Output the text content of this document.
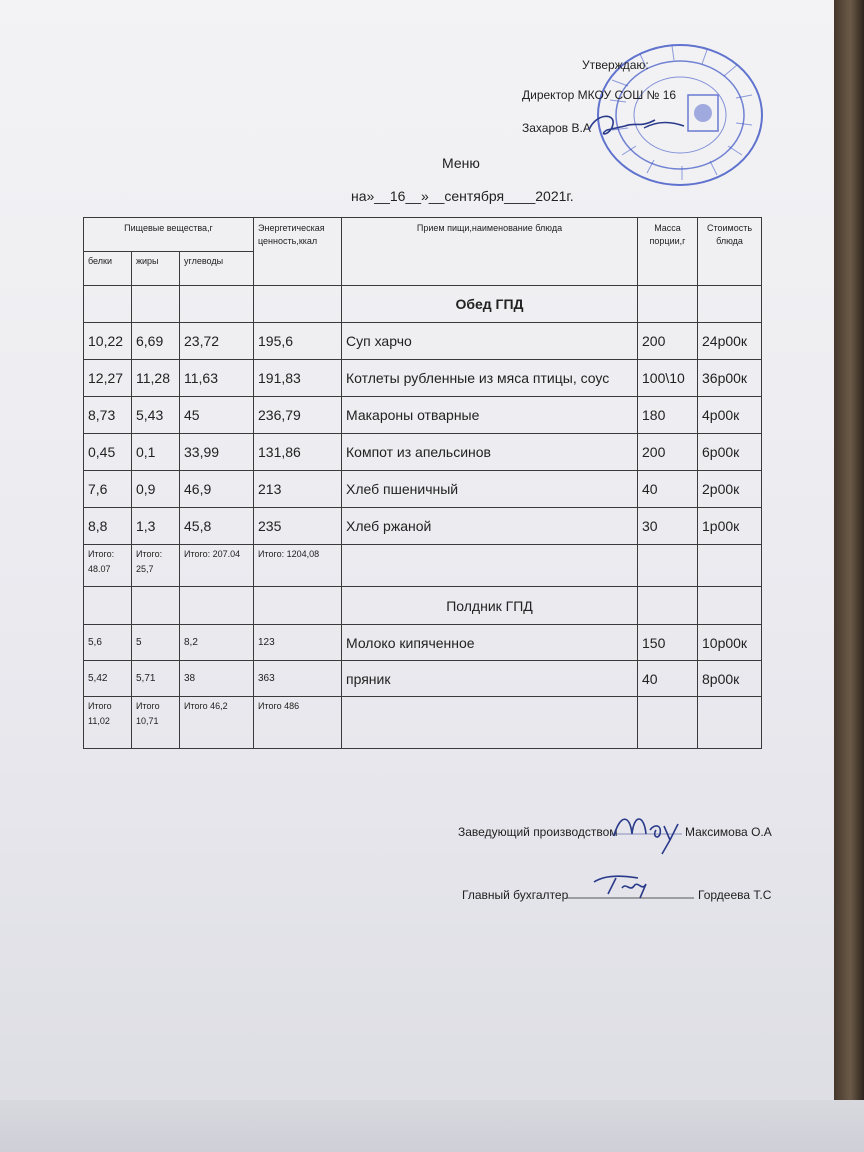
Утверждаю:
Директор МКОУ СОШ № 16
Захаров В.А
Меню
на»__16__»__сентября____2021г.
Пищевые вещества,г			Энергетическая ценность,ккал	Прием пищи,наименование блюда	Масса порции,г	Стоимость блюда
белки	жиры	углеводы				
				Обед ГПД		
10,22	6,69	23,72	195,6	Суп харчо	200	24р00к
12,27	11,28	11,63	191,83	Котлеты рубленные из мяса птицы, соус	100\10	36р00к
8,73	5,43	45	236,79	Макароны отварные	180	4р00к
0,45	0,1	33,99	131,86	Компот из апельсинов	200	6р00к
7,6	0,9	46,9	213	Хлеб пшеничный	40	2р00к
8,8	1,3	45,8	235	Хлеб ржаной	30	1р00к
Итого: 48.07	Итого: 25,7	Итого: 207.04	Итого: 1204,08			
				Полдник ГПД		
5,6	5	8,2	123	Молоко кипяченное	150	10р00к
5,42	5,71	38	363	пряник	40	8р00к
Итого 11,02	Итого 10,71	Итого 46,2	Итого 486			
Заведующий производством	Максимова О.А
Главный бухгалтер	Гордеева Т.С
